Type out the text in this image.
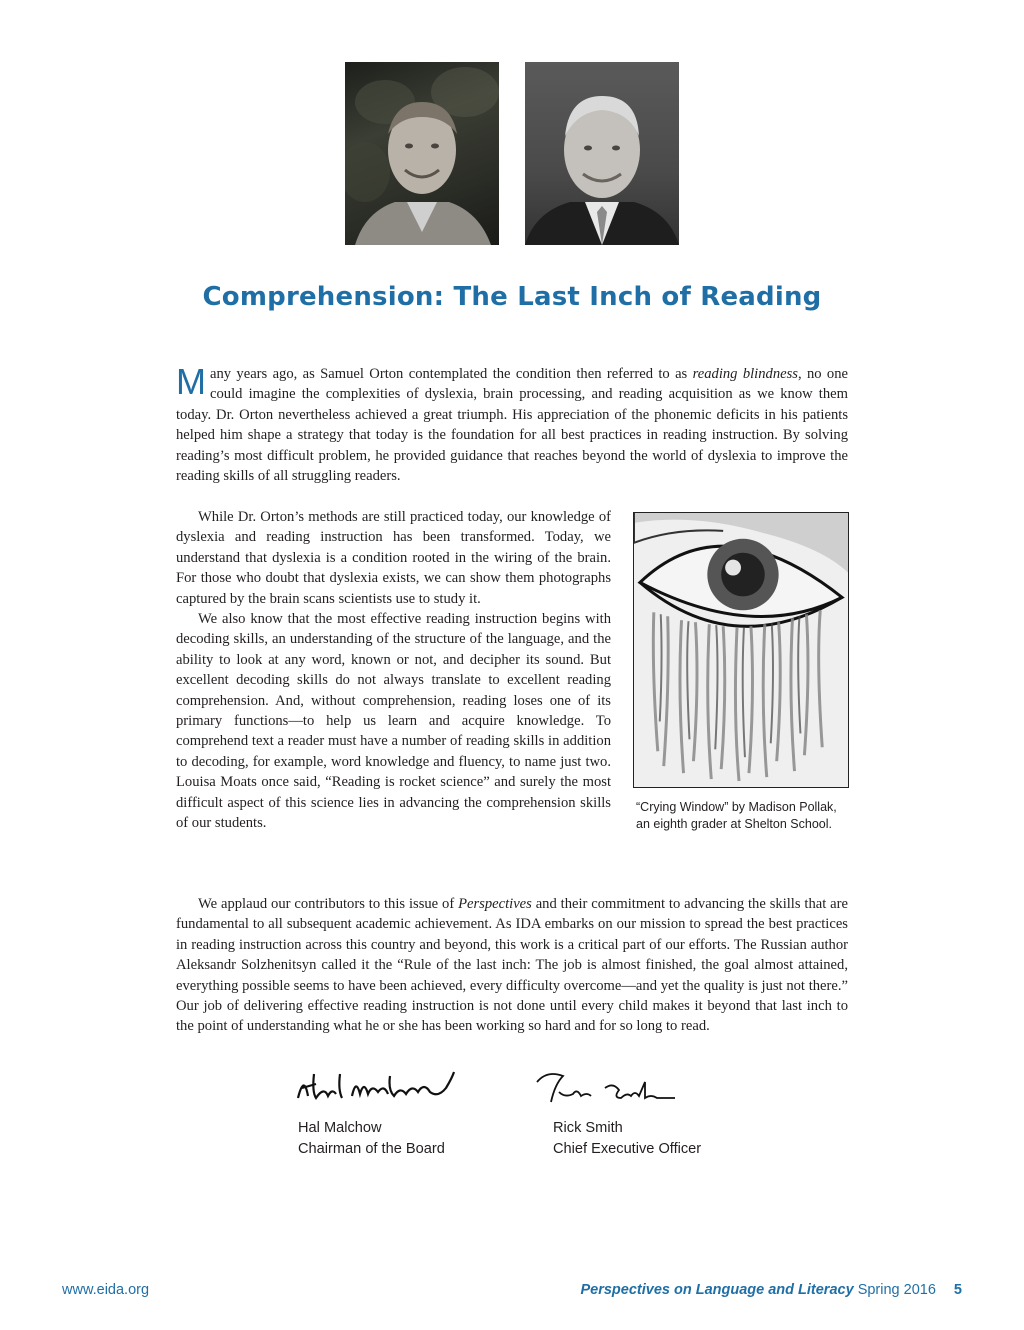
Comprehension: The Last Inch of Reading
Many years ago, as Samuel Orton contemplated the condition then referred to as reading blindness, no one could imagine the complexities of dyslexia, brain processing, and reading acquisition as we know them today. Dr. Orton nevertheless achieved a great triumph. His appreciation of the phonemic deficits in his patients helped him shape a strategy that today is the foundation for all best practices in reading instruction. By solving reading’s most difficult problem, he provided guidance that reaches beyond the world of dyslexia to improve the reading skills of all struggling readers.

While Dr. Orton’s methods are still practiced today, our knowledge of dyslexia and reading instruction has been transformed. Today, we understand that dyslexia is a condition rooted in the wiring of the brain. For those who doubt that dyslexia exists, we can show them photographs captured by the brain scans scientists use to study it.

We also know that the most effective reading instruction begins with decoding skills, an understanding of the structure of the language, and the ability to look at any word, known or not, and decipher its sound. But excellent decoding skills do not always translate to excellent reading comprehension. And, without comprehension, reading loses one of its primary functions—to help us learn and acquire knowledge. To comprehend text a reader must have a number of reading skills in addition to decoding, for example, word knowledge and fluency, to name just two. Louisa Moats once said, “Reading is rocket science” and surely the most difficult aspect of this science lies in advancing the comprehension skills of our students.

“Crying Window” by Madison Pollak,
an eighth grader at Shelton School.
We applaud our contributors to this issue of Perspectives and their commitment to advancing the skills that are fundamental to all subsequent academic achievement. As IDA embarks on our mission to spread the best practices in reading instruction across this country and beyond, this work is a critical part of our efforts. The Russian author Aleksandr Solzhenitsyn called it the “Rule of the last inch: The job is almost finished, the goal almost attained, everything possible seems to have been achieved, every difficulty overcome—and yet the quality is just not there.” Our job of delivering effective reading instruction is not done until every child makes it beyond that last inch to the point of understanding what he or she has been working so hard and for so long to read.
Hal Malchow
Chairman of the Board
Rick Smith
Chief Executive Officer
www.eida.org	Perspectives on Language and Literacy Spring 2016 5
